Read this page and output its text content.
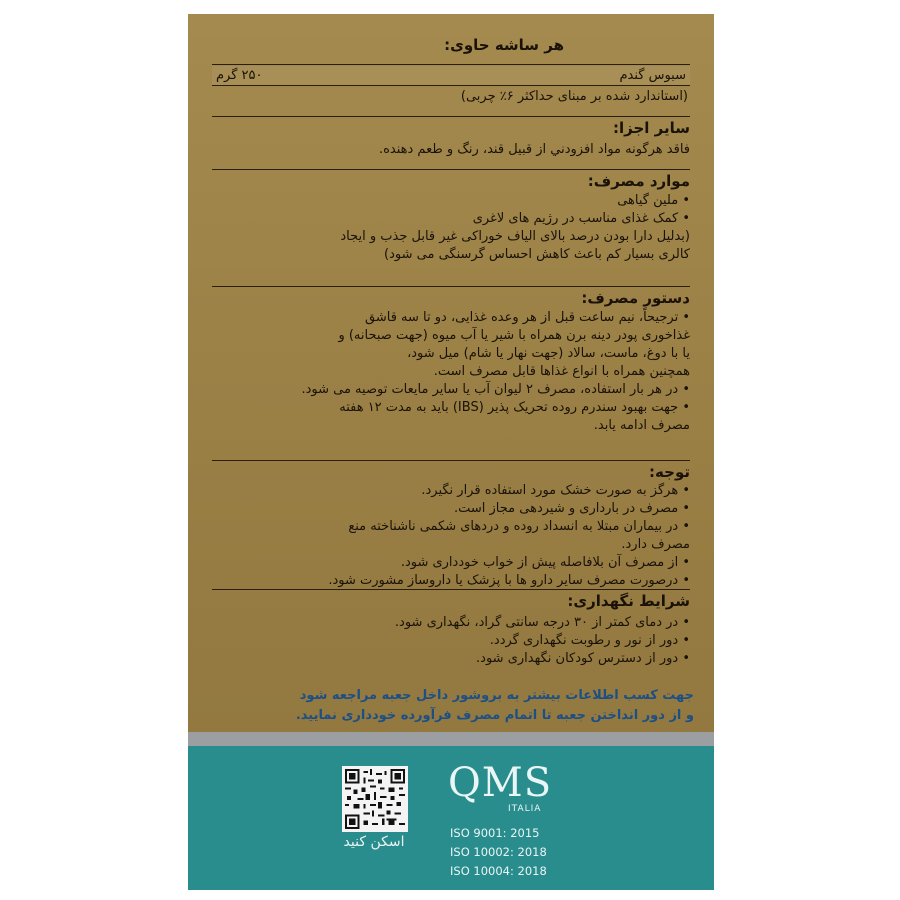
هر ساشه حاوی:
سبوس گندم
۲۵۰ گرم
(استاندارد شده بر مبنای حداکثر ۶٪ چربی)
سایر اجزا:
فاقد هرگونه مواد افزودني از قبیل قند، رنگ و طعم دهنده.
موارد مصرف:
• ملین گیاهی
• کمک غذای مناسب در رژیم های لاغری
(بدلیل دارا بودن درصد بالای الیاف خوراکی غیر قابل جذب و ایجاد
کالری بسیار کم باعث کاهش احساس گرسنگی می شود)
دستور مصرف:
• ترجیحاً، نیم ساعت قبل از هر وعده غذایی، دو تا سه قاشق
غذاخوری پودر دینه برن همراه با شیر یا آب میوه (جهت صبحانه) و
یا با دوغ، ماست، سالاد (جهت نهار یا شام) میل شود،
همچنین همراه با انواع غذاها قابل مصرف است.
• در هر بار استفاده، مصرف ۲ لیوان آب یا سایر مایعات توصیه می شود.
• جهت بهبود سندرم روده تحریک پذیر (IBS) باید به مدت ۱۲ هفته
مصرف ادامه یابد.
توجه:
• هرگز به صورت خشک مورد استفاده قرار نگیرد.
• مصرف در بارداری و شیردهی مجاز است.
• در بیماران مبتلا به انسداد روده و دردهای شکمی ناشناخته منع
مصرف دارد.
• از مصرف آن بلافاصله پیش از خواب خودداری شود.
• درصورت مصرف سایر دارو ها با پزشک یا داروساز مشورت شود.
شرایط نگهداری:
• در دمای کمتر از ۳۰ درجه سانتی گراد، نگهداری شود.
• دور از نور و رطوبت نگهداری گردد.
• دور از دسترس کودکان نگهداری شود.
جهت کسب اطلاعات بیشتر به بروشور داخل جعبه مراجعه شود
و از دور انداختن جعبه تا اتمام مصرف فرآورده خودداری نمایید.
اسکن کنید
QMS
ITALIA
ISO 9001: 2015
ISO 10002: 2018
ISO 10004: 2018
